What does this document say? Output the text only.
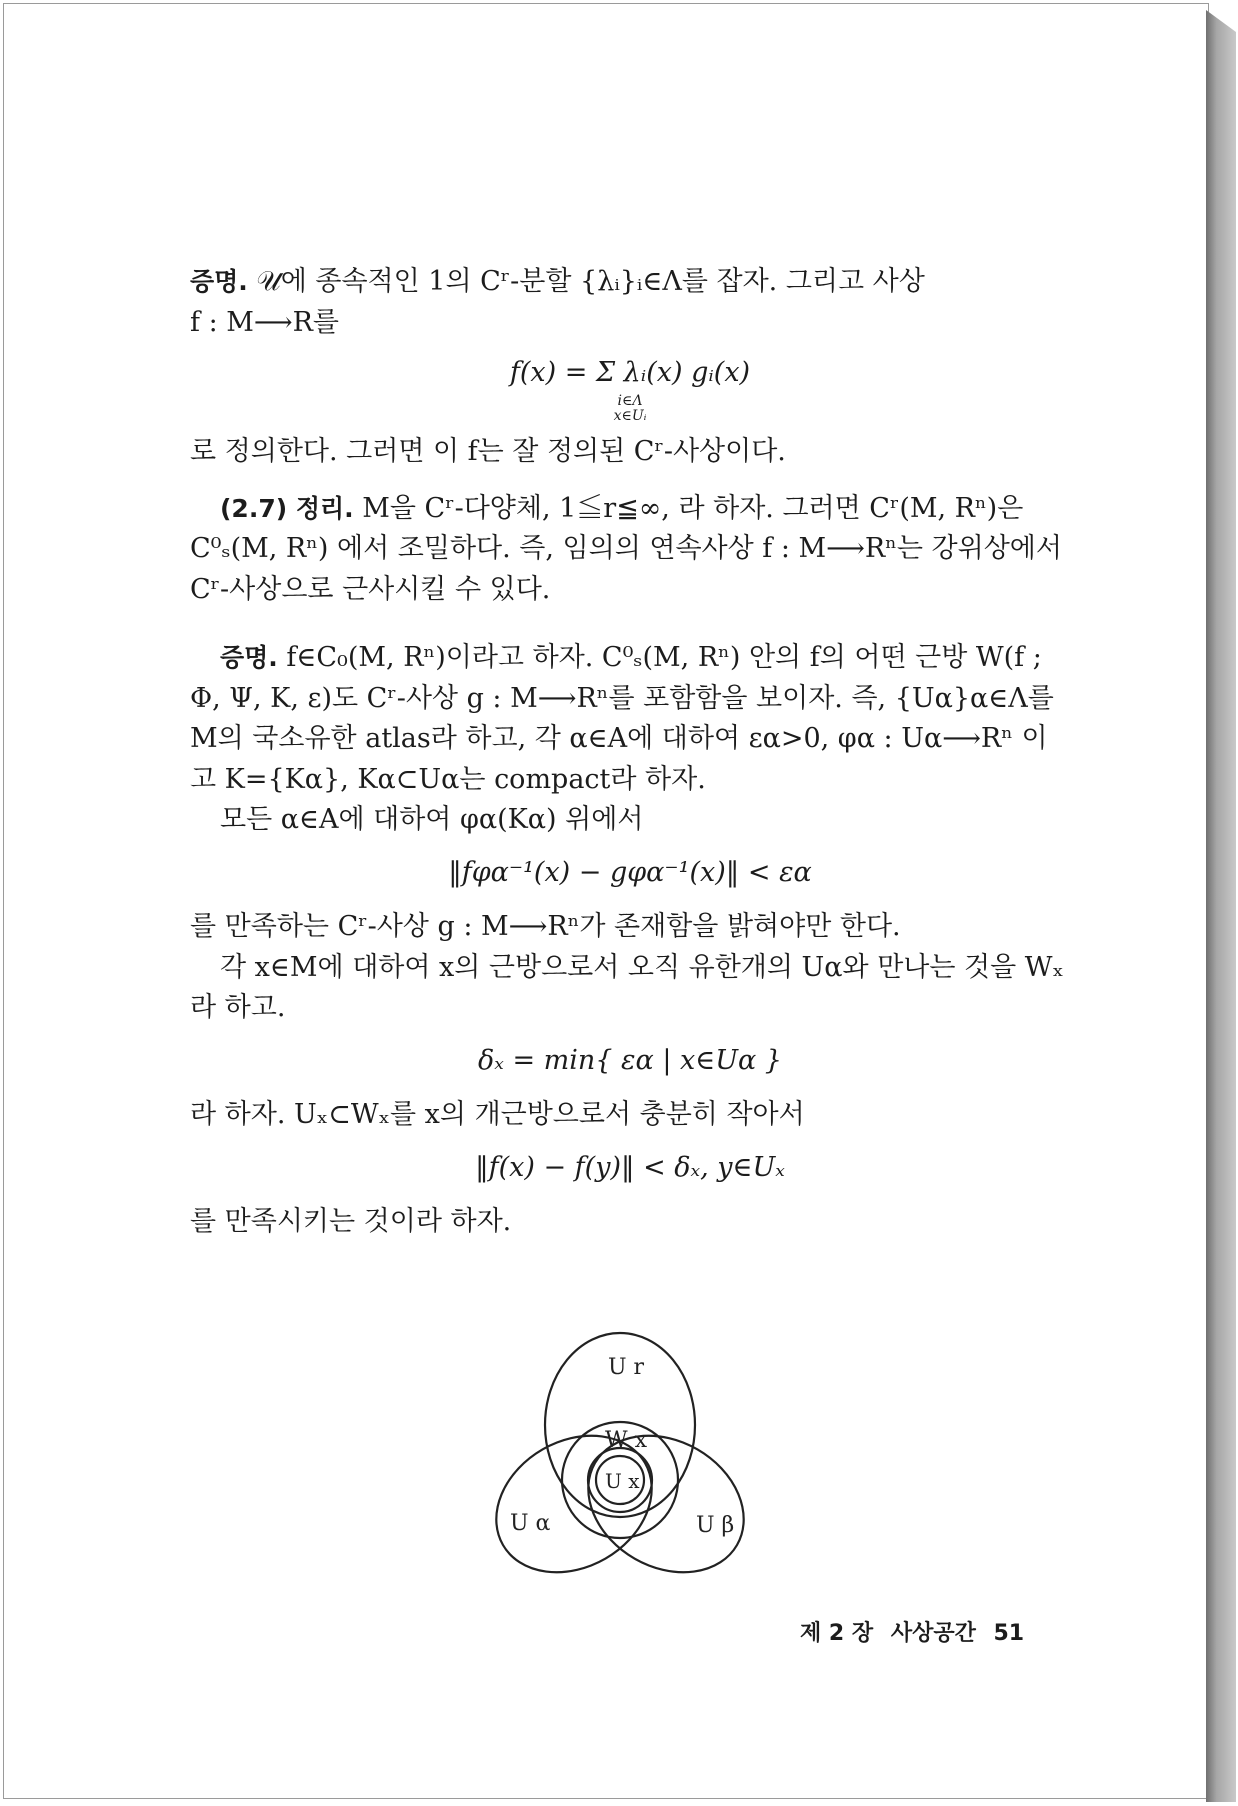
증명. 𝒰에 종속적인 1의 Cʳ-분할 {λᵢ}ᵢ∈Λ를 잡자. 그리고 사상

f : M⟶R를

f(x) = Σ λᵢ(x) gᵢ(x)
i∈Λ
x∈Uᵢ

로 정의한다. 그러면 이 f는 잘 정의된 Cʳ-사상이다.

(2.7) 정리. M을 Cʳ-다양체, 1≦r≦∞, 라 하자. 그러면 Cʳ(M, Rⁿ)은 C⁰ₛ(M, Rⁿ) 에서 조밀하다. 즉, 임의의 연속사상 f : M⟶Rⁿ는 강위상에서 Cʳ-사상으로 근사시킬 수 있다.

증명. f∈C₀(M, Rⁿ)이라고 하자. C⁰ₛ(M, Rⁿ) 안의 f의 어떤 근방 W(f ; Φ, Ψ, K, ε)도 Cʳ-사상 g : M⟶Rⁿ를 포함함을 보이자. 즉, {Uα}α∈Λ를 M의 국소유한 atlas라 하고, 각 α∈A에 대하여 εα>0, φα : Uα⟶Rⁿ 이고 K={Kα}, Kα⊂Uα는 compact라 하자.

모든 α∈A에 대하여 φα(Kα) 위에서

‖fφα⁻¹(x) − gφα⁻¹(x)‖ < εα

를 만족하는 Cʳ-사상 g : M⟶Rⁿ가 존재함을 밝혀야만 한다.

각 x∈M에 대하여 x의 근방으로서 오직 유한개의 Uα와 만나는 것을 Wₓ라 하고.

δₓ = min{ εα | x∈Uα }

라 하자. Uₓ⊂Wₓ를 x의 개근방으로서 충분히 작아서

‖f(x) − f(y)‖ < δₓ, y∈Uₓ

를 만족시키는 것이라 하자.

U r
W x
U x
U α	U β
제 2 장 사상공간 51
